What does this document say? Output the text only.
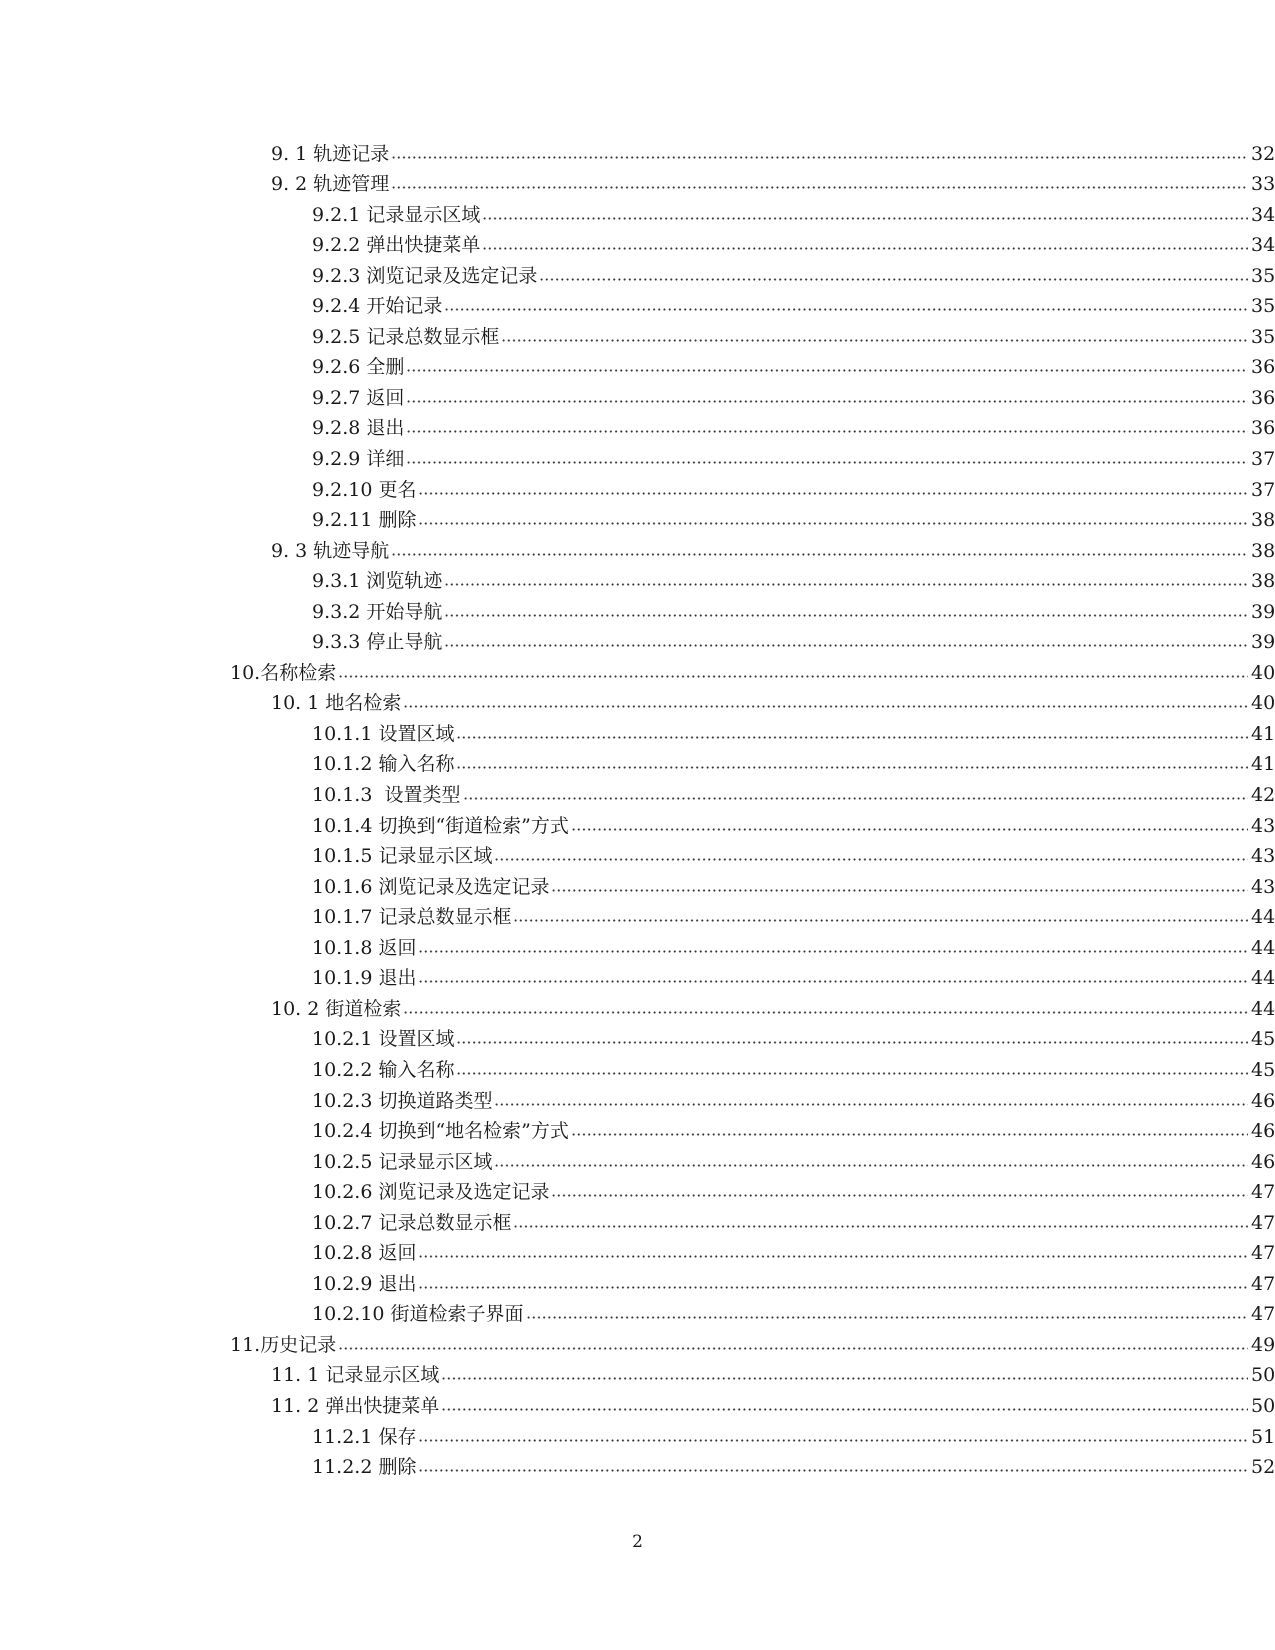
9. 1 轨迹记录	32
9. 2 轨迹管理	33
9.2.1 记录显示区域	34
9.2.2 弹出快捷菜单	34
9.2.3 浏览记录及选定记录	35
9.2.4 开始记录	35
9.2.5 记录总数显示框	35
9.2.6 全删	36
9.2.7 返回	36
9.2.8 退出	36
9.2.9 详细	37
9.2.10 更名	37
9.2.11 删除	38
9. 3 轨迹导航	38
9.3.1 浏览轨迹	38
9.3.2 开始导航	39
9.3.3 停止导航	39
10.名称检索	40
10. 1 地名检索	40
10.1.1 设置区域	41
10.1.2 输入名称	41
10.1.3  设置类型	42
10.1.4 切换到“街道检索”方式	43
10.1.5 记录显示区域	43
10.1.6 浏览记录及选定记录	43
10.1.7 记录总数显示框	44
10.1.8 返回	44
10.1.9 退出	44
10. 2 街道检索	44
10.2.1 设置区域	45
10.2.2 输入名称	45
10.2.3 切换道路类型	46
10.2.4 切换到“地名检索”方式	46
10.2.5 记录显示区域	46
10.2.6 浏览记录及选定记录	47
10.2.7 记录总数显示框	47
10.2.8 返回	47
10.2.9 退出	47
10.2.10 街道检索子界面	47
11.历史记录	49
11. 1 记录显示区域	50
11. 2 弹出快捷菜单	50
11.2.1 保存	51
11.2.2 删除	52
2
